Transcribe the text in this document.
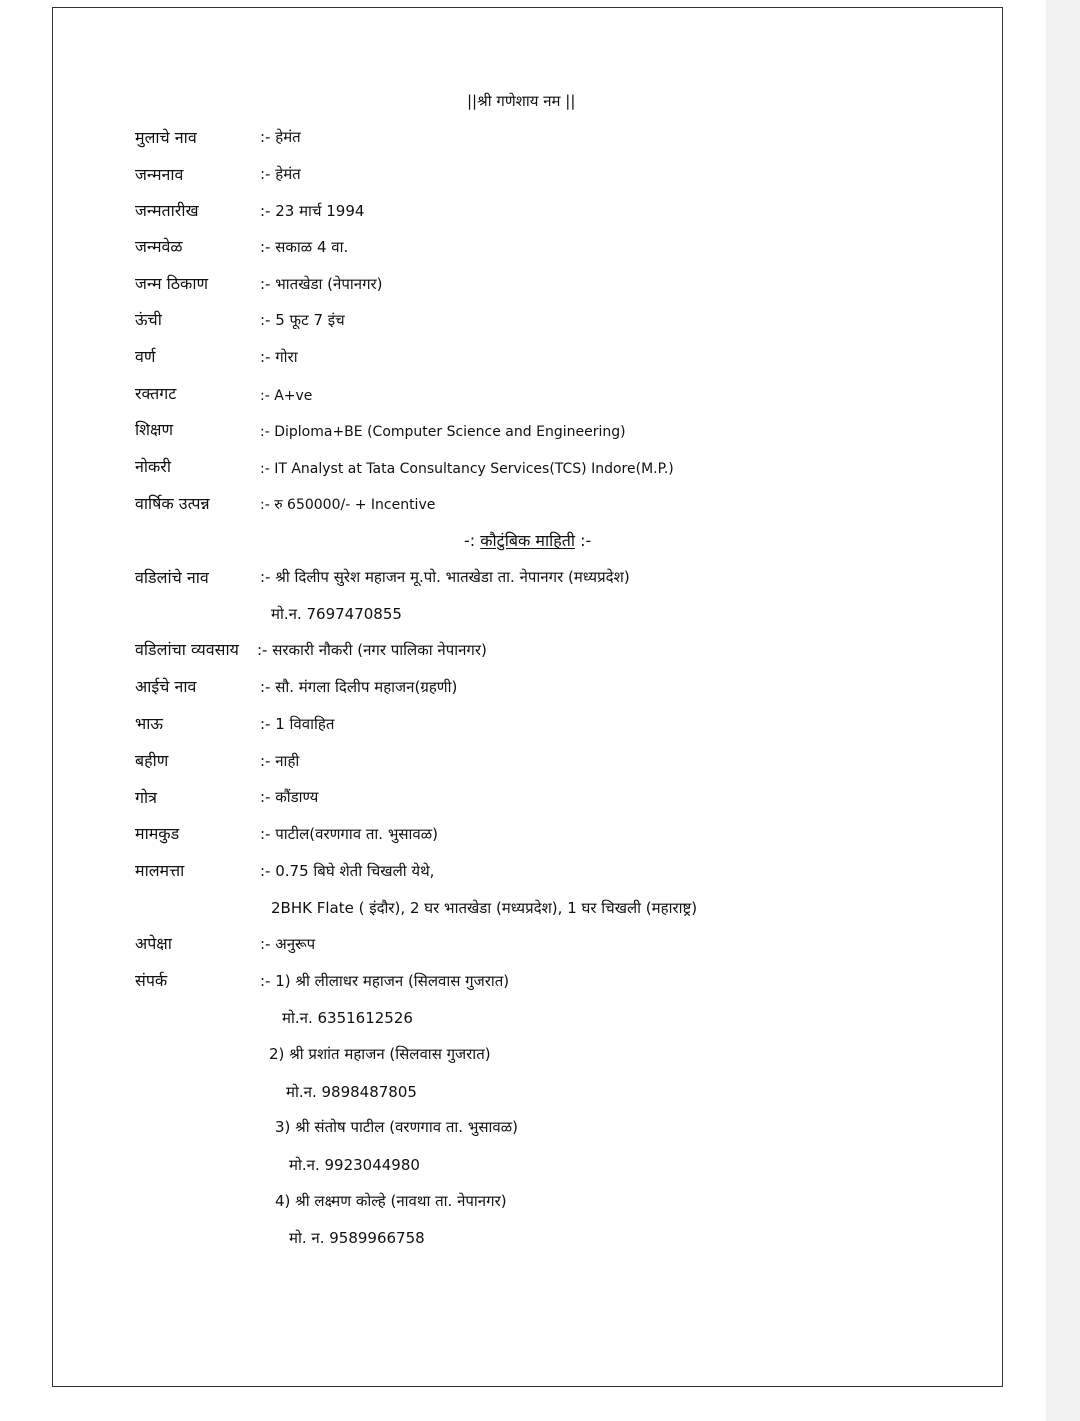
||श्री गणेशाय नम ||
मुलाचे नाव	:- हेमंत
जन्मनाव	:- हेमंत
जन्मतारीख	:- 23 मार्च 1994
जन्मवेळ	:- सकाळ 4 वा.
जन्म ठिकाण	:- भातखेडा (नेपानगर)
ऊंची	:- 5 फूट 7 इंच
वर्ण	:- गोरा
रक्तगट	:- A+ve
शिक्षण	:- Diploma+BE (Computer Science and Engineering)
नोकरी	:- IT Analyst at Tata Consultancy Services(TCS) Indore(M.P.)
वार्षिक उत्पन्न	:- रु 650000/- + Incentive
-: कौटुंबिक माहिती :-
वडिलांचे नाव	:- श्री दिलीप सुरेश महाजन मू.पो. भातखेडा ता. नेपानगर (मध्यप्रदेश)
मो.न. 7697470855
वडिलांचा व्यवसाय :- सरकारी नौकरी (नगर पालिका नेपानगर)
आईचे नाव	:- सौ. मंगला दिलीप महाजन(ग्रहणी)
भाऊ	:- 1 विवाहित
बहीण	:- नाही
गोत्र	:- कौंडाण्य
मामकुड	:- पाटील(वरणगाव ता. भुसावळ)
मालमत्ता	:- 0.75 बिघे शेती चिखली येथे,
2BHK Flate ( इंदौर), 2 घर भातखेडा (मध्यप्रदेश), 1 घर चिखली (महाराष्ट्र)
अपेक्षा	:- अनुरूप
संपर्क	:- 1) श्री लीलाधर महाजन (सिलवास गुजरात)
मो.न. 6351612526
2) श्री प्रशांत महाजन (सिलवास गुजरात)
मो.न. 9898487805
3) श्री संतोष पाटील (वरणगाव ता. भुसावळ)
मो.न. 9923044980
4) श्री लक्ष्मण कोल्हे (नावथा ता. नेपानगर)
मो. न. 9589966758
